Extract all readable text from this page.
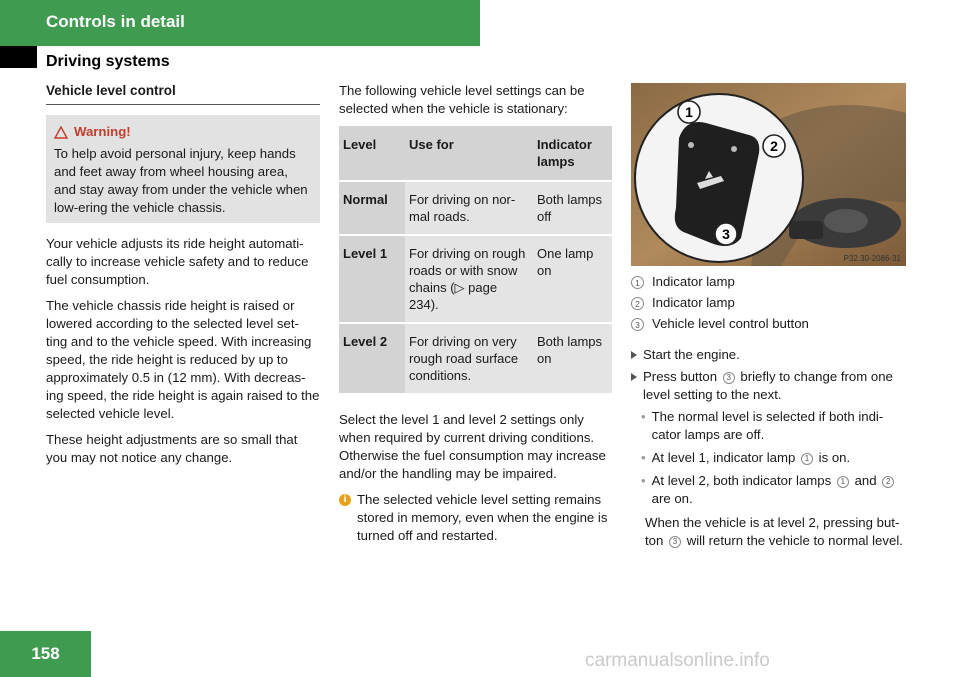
Controls in detail
Driving systems
Vehicle level control
Warning!

To help avoid personal injury, keep hands and feet away from wheel housing area, and stay away from under the vehicle when low-ering the vehicle chassis.

Your vehicle adjusts its ride height automati-cally to increase vehicle safety and to reduce fuel consumption.

The vehicle chassis ride height is raised or lowered according to the selected level set-ting and to the vehicle speed. With increasing speed, the ride height is reduced by up to approximately 0.5 in (12 mm). With decreas-ing speed, the ride height is again raised to the selected vehicle level.

These height adjustments are so small that you may not notice any change.

The following vehicle level settings can be selected when the vehicle is stationary:

Level	Use for	Indicator lamps
Normal	For driving on nor-mal roads.	Both lamps off
Level 1	For driving on rough roads or with snow chains (▷ page 234).	One lamp on
Level 2	For driving on very rough road surface conditions.	Both lamps on

Select the level 1 and level 2 settings only when required by current driving conditions. Otherwise the fuel consumption may increase and/or the handling may be impaired.

i The selected vehicle level setting remains stored in memory, even when the engine is turned off and restarted.
1
2
3
P32.30-2086-31
1 Indicator lamp
2 Indicator lamp
3 Vehicle level control button
Start the engine.
Press button 3 briefly to change from one level setting to the next.
• The normal level is selected if both indi-cator lamps are off.
• At level 1, indicator lamp 1 is on.
• At level 2, both indicator lamps 1 and 2 are on.

When the vehicle is at level 2, pressing but-ton 3 will return the vehicle to normal level.

158	carmanualsonline.info
